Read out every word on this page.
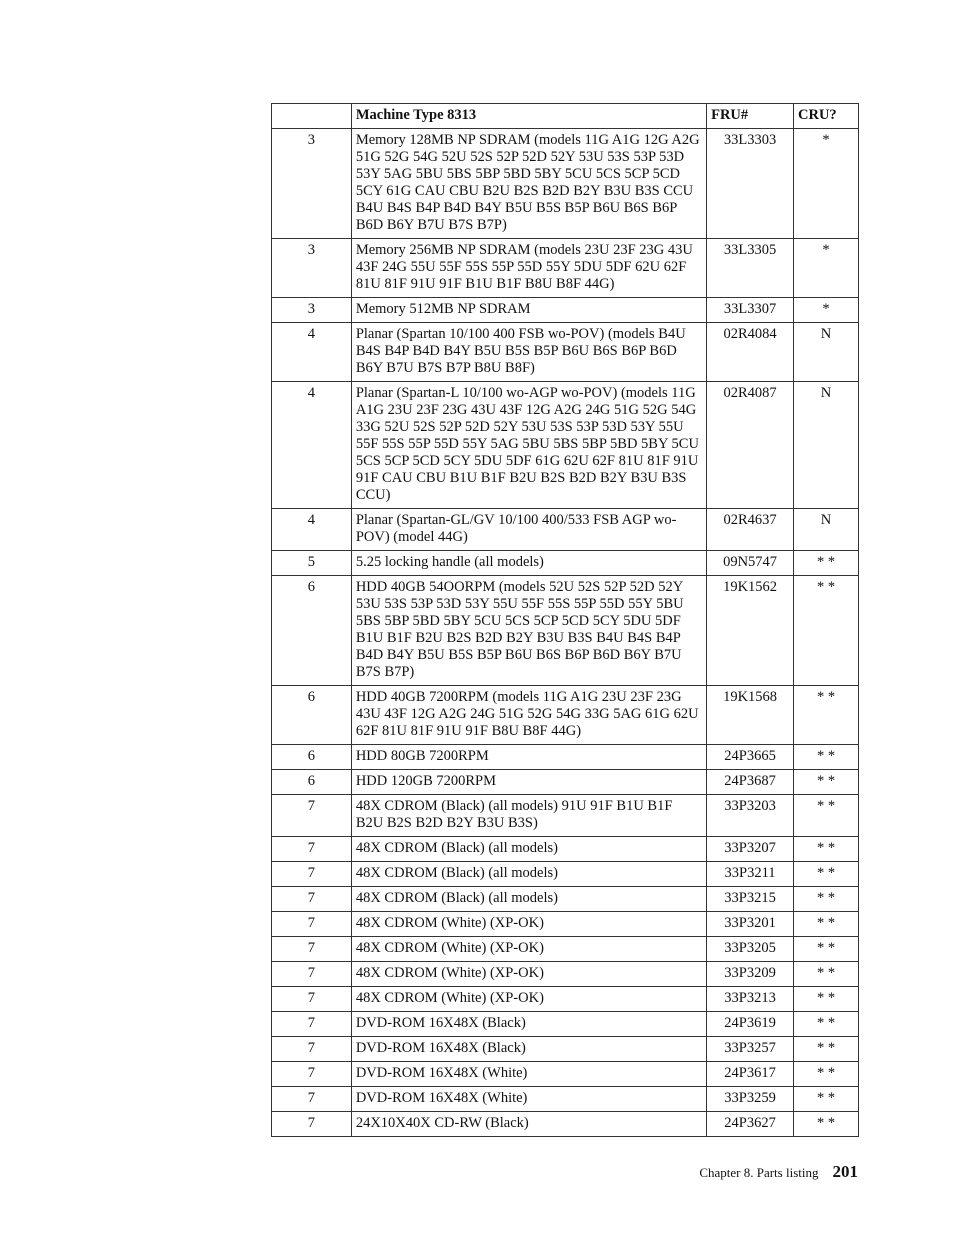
	Machine Type 8313	FRU#	CRU?
3	Memory 128MB NP SDRAM (models 11G A1G 12G A2G 51G 52G 54G 52U 52S 52P 52D 52Y 53U 53S 53P 53D 53Y 5AG 5BU 5BS 5BP 5BD 5BY 5CU 5CS 5CP 5CD 5CY 61G CAU CBU B2U B2S B2D B2Y B3U B3S CCU B4U B4S B4P B4D B4Y B5U B5S B5P B6U B6S B6P B6D B6Y B7U B7S B7P)	33L3303	*
3	Memory 256MB NP SDRAM (models 23U 23F 23G 43U 43F 24G 55U 55F 55S 55P 55D 55Y 5DU 5DF 62U 62F 81U 81F 91U 91F B1U B1F B8U B8F 44G)	33L3305	*
3	Memory 512MB NP SDRAM	33L3307	*
4	Planar (Spartan 10/100 400 FSB wo-POV) (models B4U B4S B4P B4D B4Y B5U B5S B5P B6U B6S B6P B6D B6Y B7U B7S B7P B8U B8F)	02R4084	N
4	Planar (Spartan-L 10/100 wo-AGP wo-POV) (models 11G A1G 23U 23F 23G 43U 43F 12G A2G 24G 51G 52G 54G 33G 52U 52S 52P 52D 52Y 53U 53S 53P 53D 53Y 55U 55F 55S 55P 55D 55Y 5AG 5BU 5BS 5BP 5BD 5BY 5CU 5CS 5CP 5CD 5CY 5DU 5DF 61G 62U 62F 81U 81F 91U 91F CAU CBU B1U B1F B2U B2S B2D B2Y B3U B3S CCU)	02R4087	N
4	Planar (Spartan-GL/GV 10/100 400/533 FSB AGP wo-POV) (model 44G)	02R4637	N
5	5.25 locking handle (all models)	09N5747	* *
6	HDD 40GB 54OORPM (models 52U 52S 52P 52D 52Y 53U 53S 53P 53D 53Y 55U 55F 55S 55P 55D 55Y 5BU 5BS 5BP 5BD 5BY 5CU 5CS 5CP 5CD 5CY 5DU 5DF B1U B1F B2U B2S B2D B2Y B3U B3S B4U B4S B4P B4D B4Y B5U B5S B5P B6U B6S B6P B6D B6Y B7U B7S B7P)	19K1562	* *
6	HDD 40GB 7200RPM (models 11G A1G 23U 23F 23G 43U 43F 12G A2G 24G 51G 52G 54G 33G 5AG 61G 62U 62F 81U 81F 91U 91F B8U B8F 44G)	19K1568	* *
6	HDD 80GB 7200RPM	24P3665	* *
6	HDD 120GB 7200RPM	24P3687	* *
7	48X CDROM (Black) (all models) 91U 91F B1U B1F B2U B2S B2D B2Y B3U B3S)	33P3203	* *
7	48X CDROM (Black) (all models)	33P3207	* *
7	48X CDROM (Black) (all models)	33P3211	* *
7	48X CDROM (Black) (all models)	33P3215	* *
7	48X CDROM (White) (XP-OK)	33P3201	* *
7	48X CDROM (White) (XP-OK)	33P3205	* *
7	48X CDROM (White) (XP-OK)	33P3209	* *
7	48X CDROM (White) (XP-OK)	33P3213	* *
7	DVD-ROM 16X48X (Black)	24P3619	* *
7	DVD-ROM 16X48X (Black)	33P3257	* *
7	DVD-ROM 16X48X (White)	24P3617	* *
7	DVD-ROM 16X48X (White)	33P3259	* *
7	24X10X40X CD-RW (Black)	24P3627	* *
Chapter 8. Parts listing 201
